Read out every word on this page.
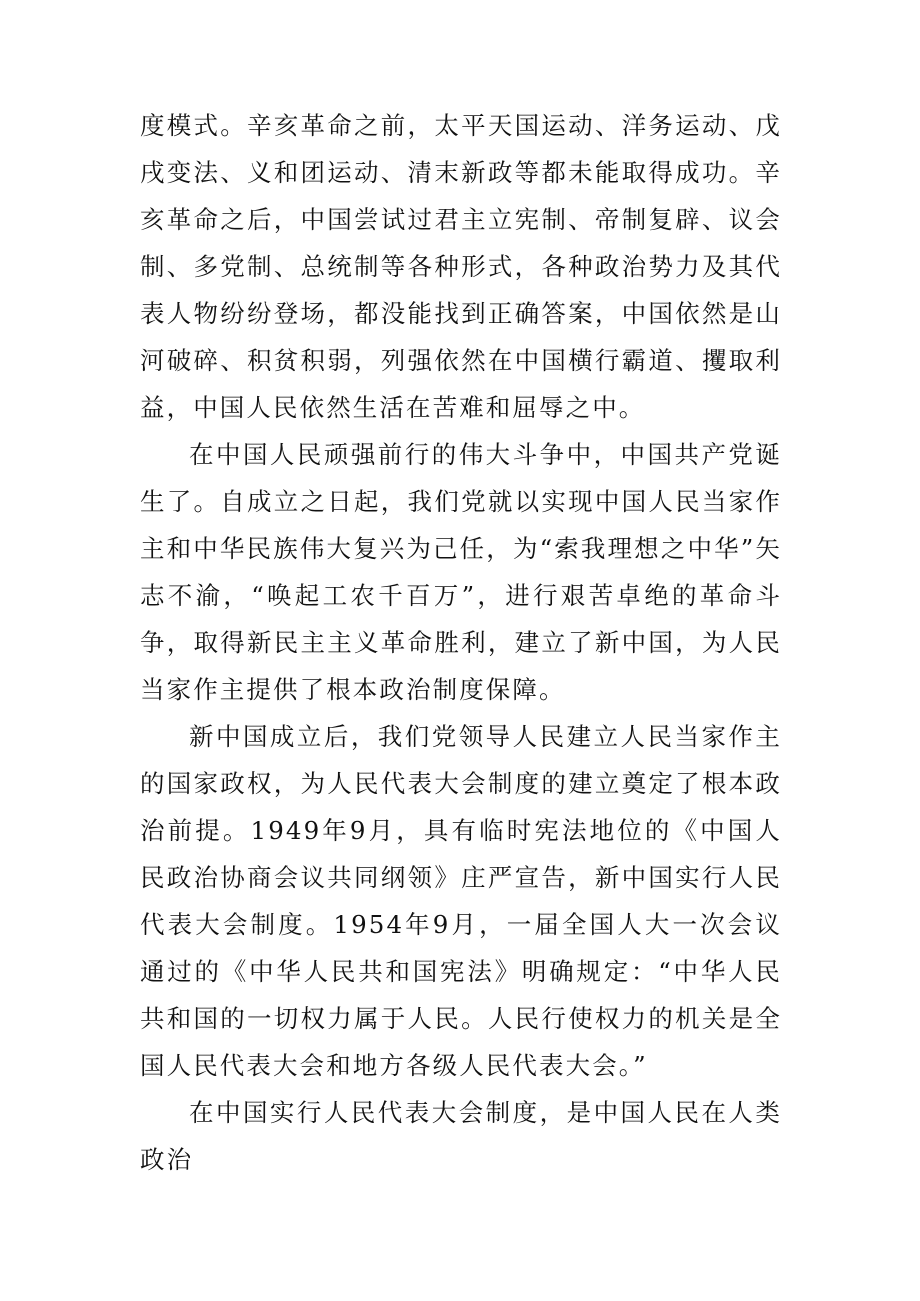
度模式。辛亥革命之前，太平天国运动、洋务运动、戊戌变法、义和团运动、清末新政等都未能取得成功。辛亥革命之后，中国尝试过君主立宪制、帝制复辟、议会制、多党制、总统制等各种形式，各种政治势力及其代表人物纷纷登场，都没能找到正确答案，中国依然是山河破碎、积贫积弱，列强依然在中国横行霸道、攫取利益，中国人民依然生活在苦难和屈辱之中。

在中国人民顽强前行的伟大斗争中，中国共产党诞生了。自成立之日起，我们党就以实现中国人民当家作主和中华民族伟大复兴为己任，为“索我理想之中华”矢志不渝，“唤起工农千百万”，进行艰苦卓绝的革命斗争，取得新民主主义革命胜利，建立了新中国，为人民当家作主提供了根本政治制度保障。

新中国成立后，我们党领导人民建立人民当家作主的国家政权，为人民代表大会制度的建立奠定了根本政治前提。1949年9月，具有临时宪法地位的《中国人民政治协商会议共同纲领》庄严宣告，新中国实行人民代表大会制度。1954年9月，一届全国人大一次会议通过的《中华人民共和国宪法》明确规定：“中华人民共和国的一切权力属于人民。人民行使权力的机关是全国人民代表大会和地方各级人民代表大会。”

在中国实行人民代表大会制度，是中国人民在人类政治
